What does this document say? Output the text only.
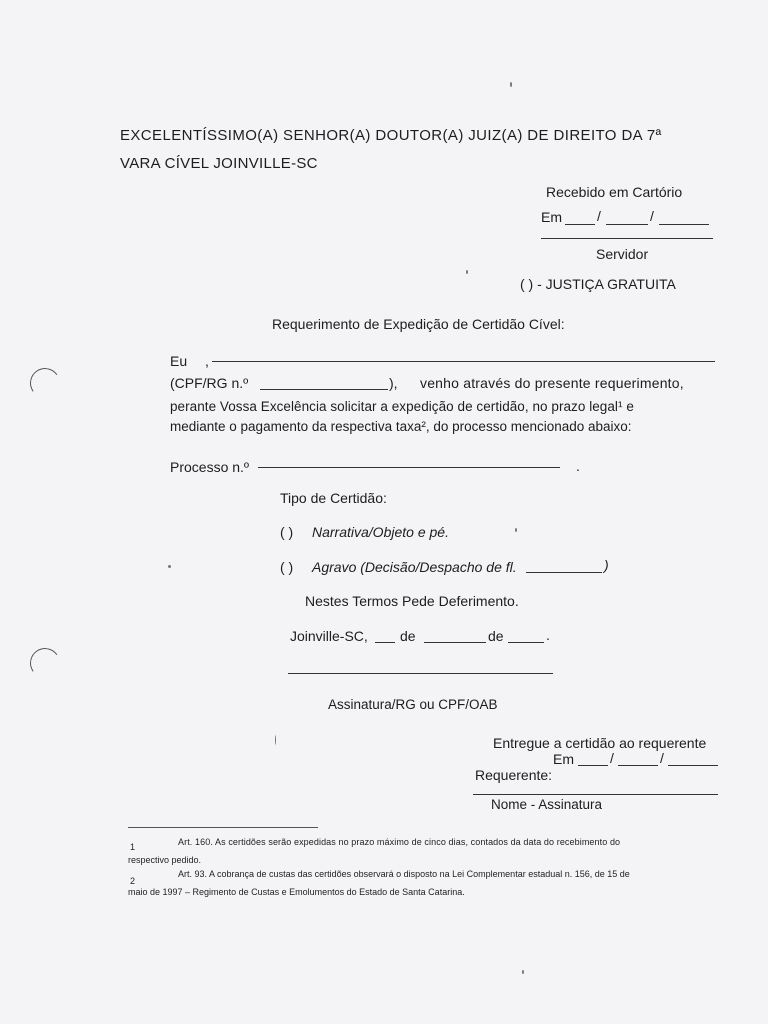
EXCELENTÍSSIMO(A) SENHOR(A) DOUTOR(A) JUIZ(A) DE DIREITO DA 7ª
VARA CÍVEL JOINVILLE-SC
Recebido em Cartório
Em	/	/
Servidor
( ) - JUSTIÇA GRATUITA
Requerimento de Expedição de Certidão Cível:
Eu ,
(CPF/RG n.º	), venho através do presente requerimento,
perante Vossa Excelência solicitar a expedição de certidão, no prazo legal¹ e
mediante o pagamento da respectiva taxa², do processo mencionado abaixo:
Processo n.º	.
Tipo de Certidão:
( ) Narrativa/Objeto e pé.
( ) Agravo (Decisão/Despacho de fl.	)
Nestes Termos Pede Deferimento.
Joinville-SC, de	de	.
Assinatura/RG ou CPF/OAB
Entregue a certidão ao requerente
Em	/	/
Requerente:
Nome - Assinatura
1	Art. 160. As certidões serão expedidas no prazo máximo de cinco dias, contados da data do recebimento do
respectivo pedido.
2
Art. 93. A cobrança de custas das certidões observará o disposto na Lei Complementar estadual n. 156, de 15 de
maio de 1997 – Regimento de Custas e Emolumentos do Estado de Santa Catarina.
